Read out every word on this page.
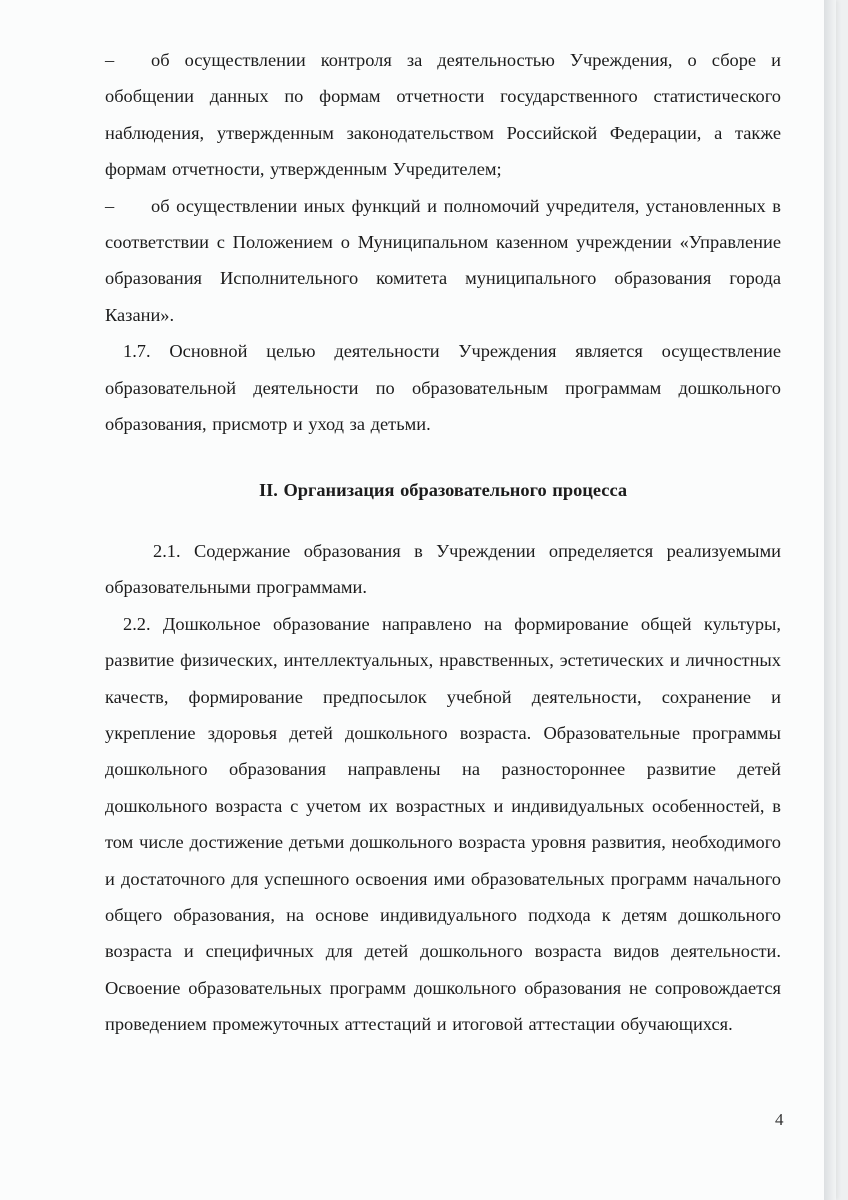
– об осуществлении контроля за деятельностью Учреждения, о сборе и обобщении данных по формам отчетности государственного статистического наблюдения, утвержденным законодательством Российской Федерации, а также формам отчетности, утвержденным Учредителем;

– об осуществлении иных функций и полномочий учредителя, установленных в соответствии с Положением о Муниципальном казенном учреждении «Управление образования Исполнительного комитета муниципального образования города Казани».

1.7. Основной целью деятельности Учреждения является осуществление образовательной деятельности по образовательным программам дошкольного образования, присмотр и уход за детьми.

II. Организация образовательного процесса

2.1. Содержание образования в Учреждении определяется реализуемыми образовательными программами.

2.2. Дошкольное образование направлено на формирование общей культуры, развитие физических, интеллектуальных, нравственных, эстетических и личностных качеств, формирование предпосылок учебной деятельности, сохранение и укрепление здоровья детей дошкольного возраста. Образовательные программы дошкольного образования направлены на разностороннее развитие детей дошкольного возраста с учетом их возрастных и индивидуальных особенностей, в том числе достижение детьми дошкольного возраста уровня развития, необходимого и достаточного для успешного освоения ими образовательных программ начального общего образования, на основе индивидуального подхода к детям дошкольного возраста и специфичных для детей дошкольного возраста видов деятельности. Освоение образовательных программ дошкольного образования не сопровождается проведением промежуточных аттестаций и итоговой аттестации обучающихся.

4
